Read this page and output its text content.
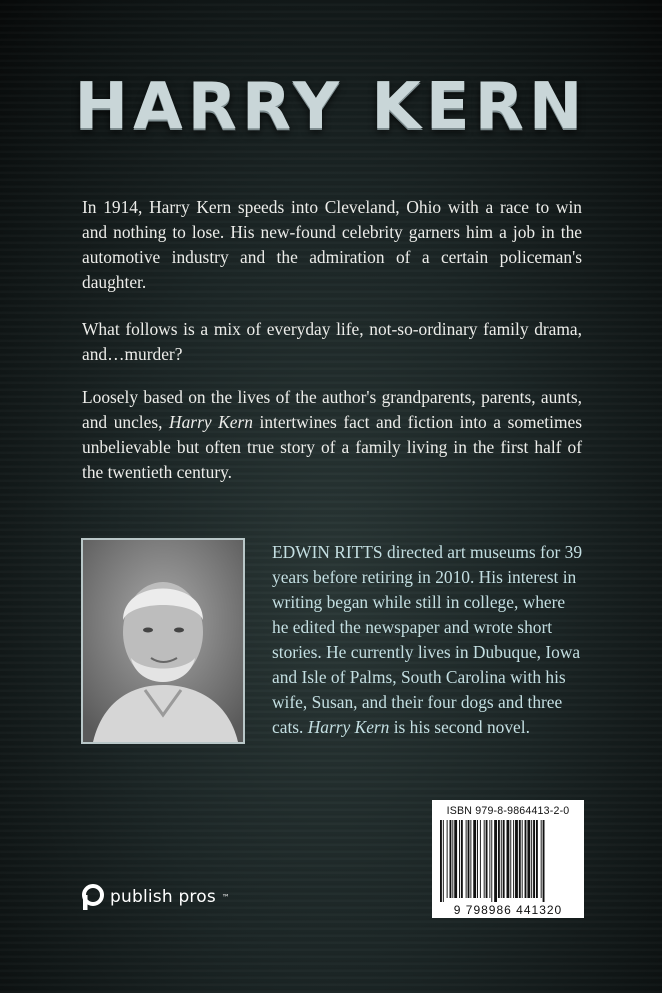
HARRY KERN

In 1914, Harry Kern speeds into Cleveland, Ohio with a race to win and nothing to lose. His new-found celebrity garners him a job in the automotive industry and the admiration of a certain policeman's daughter.

What follows is a mix of everyday life, not-so-ordinary family drama, and…murder?

Loosely based on the lives of the author's grandparents, parents, aunts, and uncles, Harry Kern intertwines fact and fiction into a sometimes unbelievable but often true story of a family living in the first half of the twentieth century.

EDWIN RITTS directed art museums for 39 years before retiring in 2010. His interest in writing began while still in college, where he edited the newspaper and wrote short stories. He currently lives in Dubuque, Iowa and Isle of Palms, South Carolina with his wife, Susan, and their four dogs and three cats. Harry Kern is his second novel.

ISBN 979-8-9864413-2-0
9 798986 441320
publish pros ™
